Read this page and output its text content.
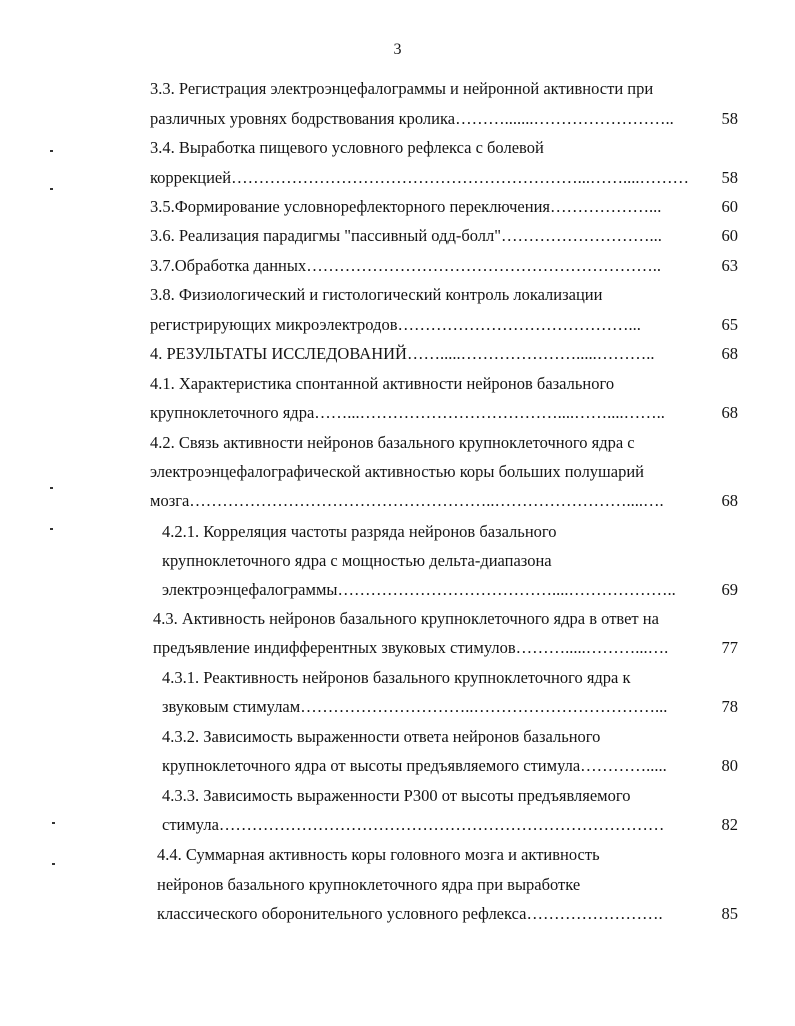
3
3.3. Регистрация электроэнцефалограммы и нейронной активности при
различных уровнях бодрствования кролика……….......……………………..	58
3.4. Выработка пищевого условного рефлекса с болевой
коррекцией………………………………………………………...……....………	58
3.5.Формирование условнорефлекторного переключения………………...	60
3.6. Реализация парадигмы "пассивный одд-болл"………………………...	60
3.7.Обработка данных………………………………………………………..	63
3.8. Физиологический и гистологический контроль локализации
регистрирующих микроэлектродов……………………………………...	65
4. РЕЗУЛЬТАТЫ ИССЛЕДОВАНИЙ…….....………………….....………..	68
4.1. Характеристика спонтанной активности нейронов базального
крупноклеточного ядра……...………………………………....……....……..	68
4.2. Связь активности нейронов базального крупноклеточного ядра с
электроэнцефалографической активностью коры больших полушарий
мозга………………………………………………..……………………....….	68
4.2.1. Корреляция частоты разряда нейронов базального
крупноклеточного ядра с мощностью дельта-диапазона
электроэнцефалограммы…………………………………....………………..	69
4.3. Активность нейронов базального крупноклеточного ядра в ответ на
предъявление индифферентных звуковых стимулов……….....………...….	77
4.3.1. Реактивность нейронов базального крупноклеточного ядра к
звуковым стимулам…………………………..……………………………...	78
4.3.2. Зависимость выраженности ответа нейронов базального
крупноклеточного ядра от высоты предъявляемого стимула………….....	80
4.3.3. Зависимость выраженности Р300 от высоты предъявляемого
стимула………………………………………………………………………	82
4.4. Суммарная активность коры головного мозга и активность
нейронов базального крупноклеточного ядра при выработке
классического оборонительного условного рефлекса…………………….	85
